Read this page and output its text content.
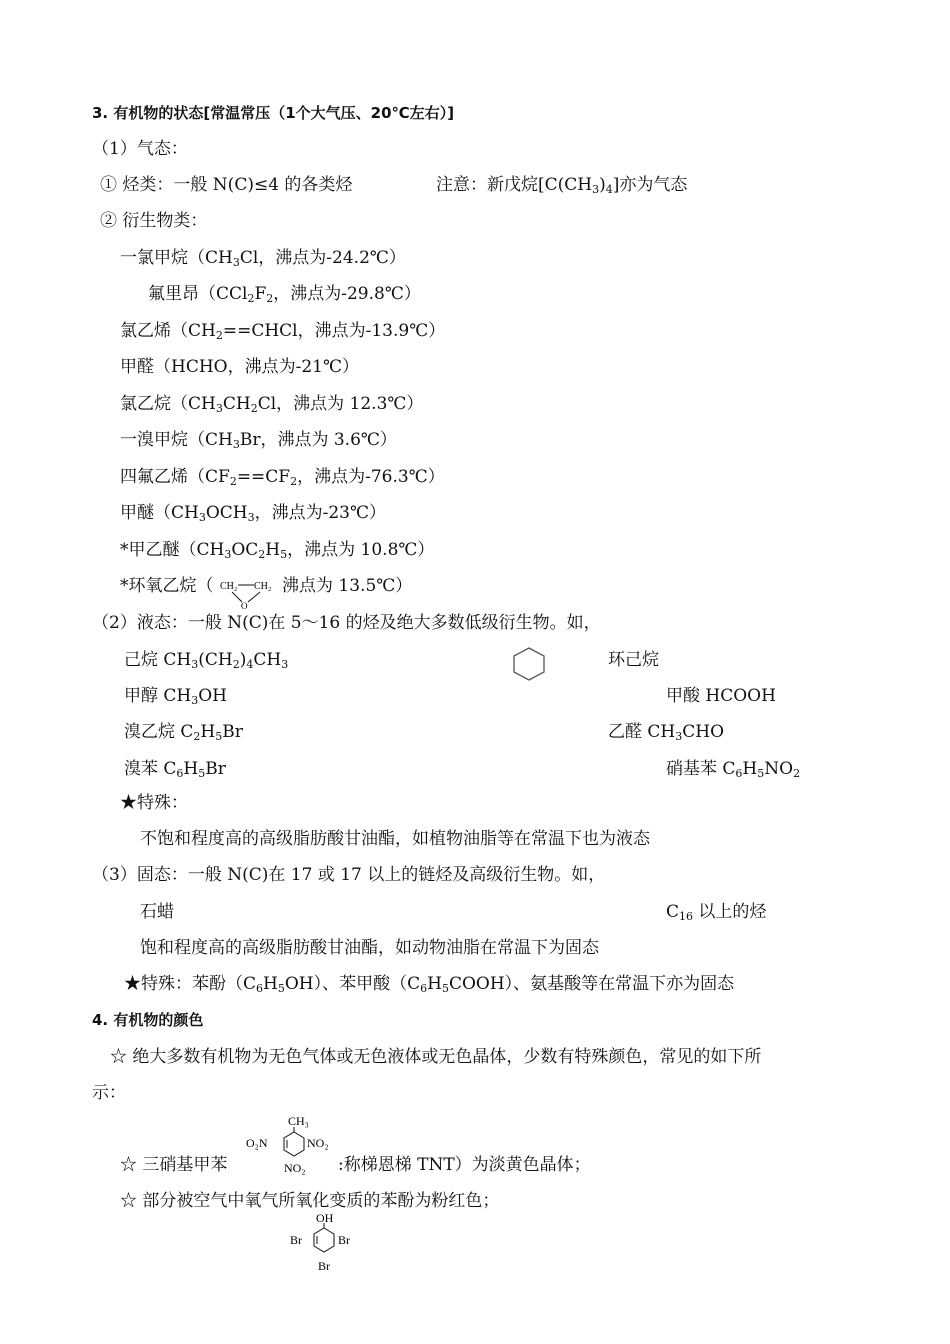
3. 有机物的状态[常温常压（1个大气压、20℃左右）]
（1）气态：
① 烃类：一般 N(C)≤4 的各类烃	注意：新戊烷$[C(CH_3)_4]$亦为气态
② 衍生物类：
一氯甲烷（$CH_3Cl$，沸点为-24.2℃）
氟里昂（$CCl_2F_2$，沸点为-29.8℃）
氯乙烯（$CH_2==CHCl$，沸点为-13.9℃）
甲醛（HCHO，沸点为-21℃）
氯乙烷（$CH_3CH_2Cl$，沸点为 12.3℃）
一溴甲烷（$CH_3Br$，沸点为 3.6℃）
四氟乙烯（$CF_2==CF_2$，沸点为-76.3℃）
甲醚（$CH_3OCH_3$，沸点为-23℃）
*甲乙醚（$CH_3OC_2H_5$，沸点为 10.8℃）
*环氧乙烷（ CH₂ CH₂
O
沸点为 13.5℃）
（2）液态：一般 N(C)在 5～16 的烃及绝大多数低级衍生物。如，
己烷 $CH_3(CH_2)_4CH_3$	环己烷
甲醇 $CH_3OH$	甲酸 HCOOH
溴乙烷 $C_2H_5Br$	乙醛 $CH_3CHO$
溴苯 $C_6H_5Br$	硝基苯 $C_6H_5NO_2$
★特殊：
不饱和程度高的高级脂肪酸甘油酯，如植物油脂等在常温下也为液态
（3）固态：一般 N(C)在 17 或 17 以上的链烃及高级衍生物。如，
石蜡	$C_{16}$ 以上的烃
饱和程度高的高级脂肪酸甘油酯，如动物油脂在常温下为固态
★特殊：苯酚$(C_6H_5OH)$、苯甲酸$(C_6H_5COOH)$、氨基酸等在常温下亦为固态
4. 有机物的颜色
☆ 绝大多数有机物为无色气体或无色液体或无色晶体，少数有特殊颜色，常见的如下所
示：
CH₃
O₂N	NO₂
NO₂
☆ 三硝基甲苯	:称梯恩梯 TNT）为淡黄色晶体；
☆ 部分被空气中氧气所氧化变质的苯酚为粉红色；
OH
Br	Br
Br
